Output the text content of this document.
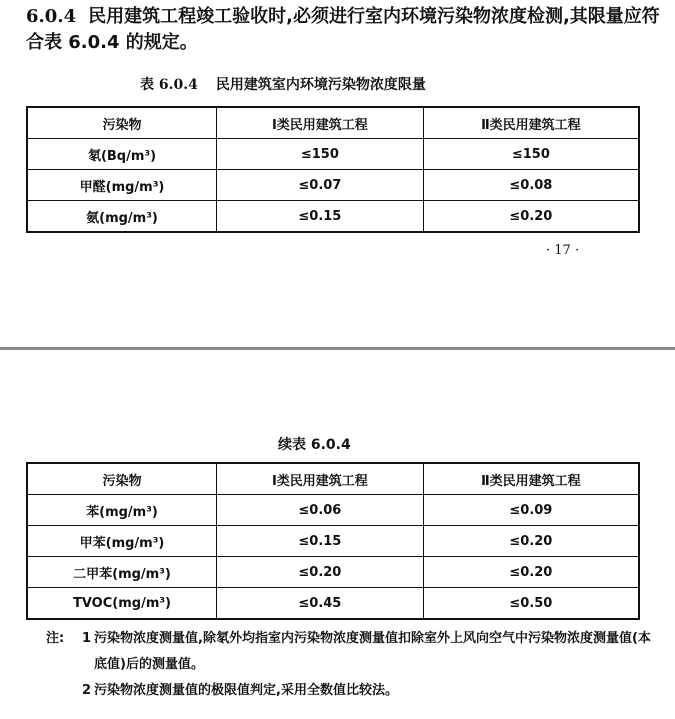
6.0.4 民用建筑工程竣工验收时,必须进行室内环境污染物浓度检测,其限量应符合表 6.0.4 的规定。

表 6.0.4 民用建筑室内环境污染物浓度限量
污染物	Ⅰ类民用建筑工程	Ⅱ类民用建筑工程
氡(Bq/m³)	≤150	≤150
甲醛(mg/m³)	≤0.07	≤0.08
氨(mg/m³)	≤0.15	≤0.20
· 17 ·
续表 6.0.4
污染物	Ⅰ类民用建筑工程	Ⅱ类民用建筑工程
苯(mg/m³)	≤0.06	≤0.09
甲苯(mg/m³)	≤0.15	≤0.20
二甲苯(mg/m³)	≤0.20	≤0.20
TVOC(mg/m³)	≤0.45	≤0.50
注: 1 污染物浓度测量值,除氡外均指室内污染物浓度测量值扣除室外上风向空气中污染物浓度测量值(本底值)后的测量值。
2 污染物浓度测量值的极限值判定,采用全数值比较法。
